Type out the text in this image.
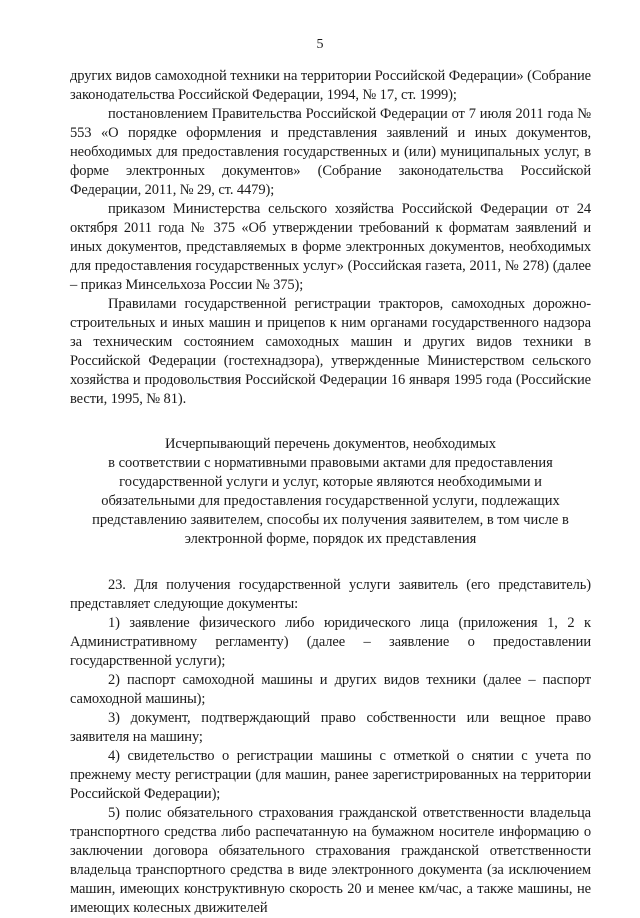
5

других видов самоходной техники на территории Российской Федерации» (Собрание законодательства Российской Федерации, 1994, № 17, ст. 1999);

постановлением Правительства Российской Федерации от 7 июля 2011 года № 553 «О порядке оформления и представления заявлений и иных документов, необходимых для предоставления государственных и (или) муниципальных услуг, в форме электронных документов» (Собрание законодательства Российской Федерации, 2011, № 29, ст. 4479);

приказом Министерства сельского хозяйства Российской Федерации от 24 октября 2011 года № 375 «Об утверждении требований к форматам заявлений и иных документов, представляемых в форме электронных документов, необходимых для предоставления государственных услуг» (Российская газета, 2011, № 278) (далее – приказ Минсельхоза России № 375);

Правилами государственной регистрации тракторов, самоходных дорожно-строительных и иных машин и прицепов к ним органами государственного надзора за техническим состоянием самоходных машин и других видов техники в Российской Федерации (гостехнадзора), утвержденные Министерством сельского хозяйства и продовольствия Российской Федерации 16 января 1995 года (Российские вести, 1995, № 81).

Исчерпывающий перечень документов, необходимых
в соответствии с нормативными правовыми актами для предоставления
государственной услуги и услуг, которые являются необходимыми и
обязательными для предоставления государственной услуги, подлежащих
представлению заявителем, способы их получения заявителем, в том числе в
электронной форме, порядок их представления

23. Для получения государственной услуги заявитель (его представитель) представляет следующие документы:

1) заявление физического либо юридического лица (приложения 1, 2 к Административному регламенту) (далее – заявление о предоставлении государственной услуги);

2) паспорт самоходной машины и других видов техники (далее – паспорт самоходной машины);

3) документ, подтверждающий право собственности или вещное право заявителя на машину;

4) свидетельство о регистрации машины с отметкой о снятии с учета по прежнему месту регистрации (для машин, ранее зарегистрированных на территории Российской Федерации);

5) полис обязательного страхования гражданской ответственности владельца транспортного средства либо распечатанную на бумажном носителе информацию о заключении договора обязательного страхования гражданской ответственности владельца транспортного средства в виде электронного документа (за исключением машин, имеющих конструктивную скорость 20 и менее км/час, а также машины, не имеющих колесных движителей
